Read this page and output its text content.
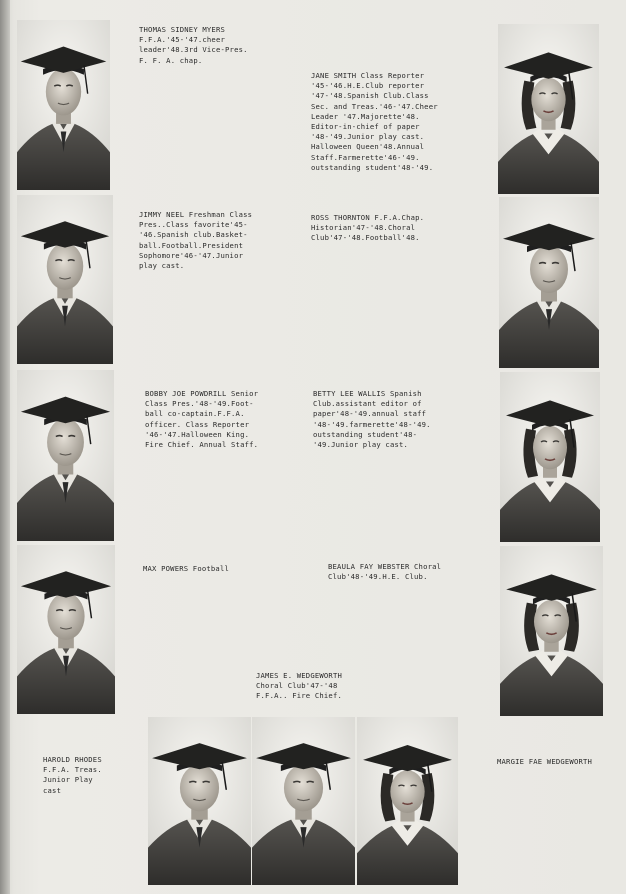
THOMAS SIDNEY MYERS
F.F.A.'45-'47.cheer
leader'48.3rd Vice-Pres.
F. F. A. chap.
JANE SMITH Class Reporter
'45-'46.H.E.Club reporter
'47-'48.Spanish Club.Class
Sec. and Treas.'46-'47.Cheer
Leader '47.Majorette'48.
Editor-in-chief of paper
'48-'49.Junior play cast.
Halloween Queen'48.Annual
Staff.Farmerette'46-'49.
outstanding student'48-'49.
JIMMY NEEL Freshman Class
Pres..Class favorite'45-
'46.Spanish club.Basket-
ball.Football.President
Sophomore'46-'47.Junior
play cast.
ROSS THORNTON F.F.A.Chap.
Historian'47-'48.Choral
Club'47-'48.Football'48.
BOBBY JOE POWDRILL Senior
Class Pres.'48-'49.Foot-
ball co-captain.F.F.A.
officer. Class Reporter
'46-'47.Halloween King.
Fire Chief. Annual Staff.
BETTY LEE WALLIS Spanish
Club.assistant editor of
paper'48-'49.annual staff
'48-'49.farmerette'48-'49.
outstanding student'48-
'49.Junior play cast.
MAX POWERS Football	BEAULA FAY WEBSTER Choral
Club'48-'49.H.E. Club.
JAMES E. WEDGEWORTH
Choral Club'47-'48
F.F.A.. Fire Chief.
HAROLD RHODES
F.F.A. Treas.
Junior Play
cast
MARGIE FAE WEDGEWORTH
